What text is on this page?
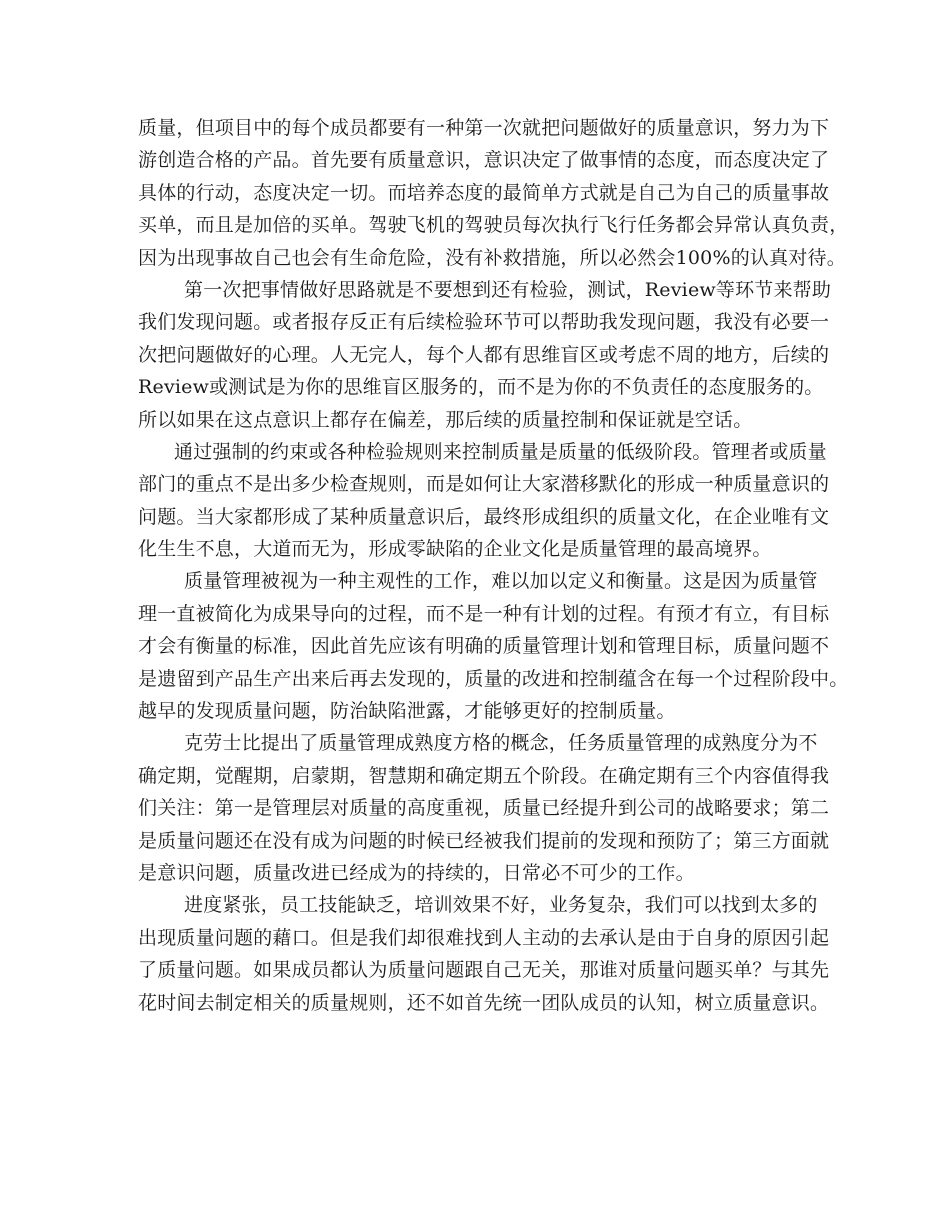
质量，但项目中的每个成员都要有一种第一次就把问题做好的质量意识，努力为下
游创造合格的产品。首先要有质量意识，意识决定了做事情的态度，而态度决定了
具体的行动，态度决定一切。而培养态度的最简单方式就是自己为自己的质量事故
买单，而且是加倍的买单。驾驶飞机的驾驶员每次执行飞行任务都会异常认真负责，
因为出现事故自己也会有生命危险，没有补救措施，所以必然会100%的认真对待。
第一次把事情做好思路就是不要想到还有检验，测试，Review等环节来帮助
我们发现问题。或者报存反正有后续检验环节可以帮助我发现问题，我没有必要一
次把问题做好的心理。人无完人，每个人都有思维盲区或考虑不周的地方，后续的
Review或测试是为你的思维盲区服务的，而不是为你的不负责任的态度服务的。
所以如果在这点意识上都存在偏差，那后续的质量控制和保证就是空话。
通过强制的约束或各种检验规则来控制质量是质量的低级阶段。管理者或质量
部门的重点不是出多少检查规则，而是如何让大家潜移默化的形成一种质量意识的
问题。当大家都形成了某种质量意识后，最终形成组织的质量文化，在企业唯有文
化生生不息，大道而无为，形成零缺陷的企业文化是质量管理的最高境界。
质量管理被视为一种主观性的工作，难以加以定义和衡量。这是因为质量管
理一直被简化为成果导向的过程，而不是一种有计划的过程。有预才有立，有目标
才会有衡量的标准，因此首先应该有明确的质量管理计划和管理目标，质量问题不
是遗留到产品生产出来后再去发现的，质量的改进和控制蕴含在每一个过程阶段中。
越早的发现质量问题，防治缺陷泄露，才能够更好的控制质量。
克劳士比提出了质量管理成熟度方格的概念，任务质量管理的成熟度分为不
确定期，觉醒期，启蒙期，智慧期和确定期五个阶段。在确定期有三个内容值得我
们关注：第一是管理层对质量的高度重视，质量已经提升到公司的战略要求；第二
是质量问题还在没有成为问题的时候已经被我们提前的发现和预防了；第三方面就
是意识问题，质量改进已经成为的持续的，日常必不可少的工作。
进度紧张，员工技能缺乏，培训效果不好，业务复杂，我们可以找到太多的
出现质量问题的藉口。但是我们却很难找到人主动的去承认是由于自身的原因引起
了质量问题。如果成员都认为质量问题跟自己无关，那谁对质量问题买单？与其先
花时间去制定相关的质量规则，还不如首先统一团队成员的认知，树立质量意识。
